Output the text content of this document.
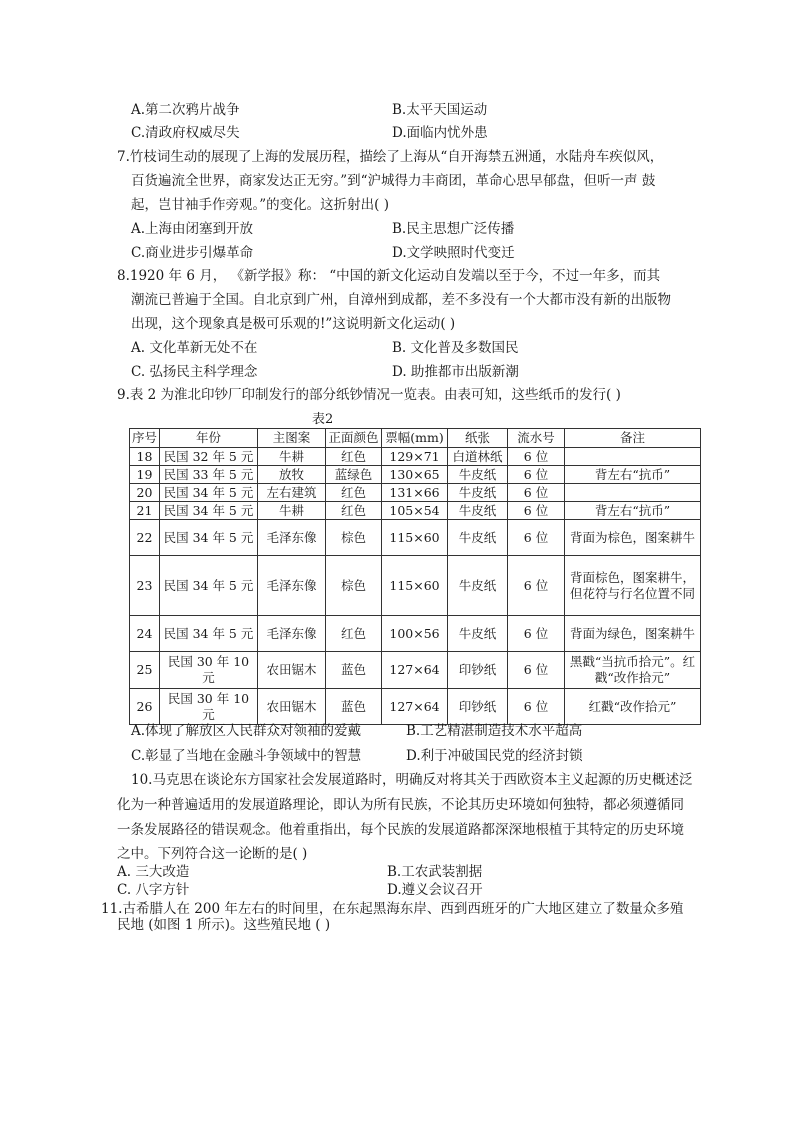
A.第二次鸦片战争	B.太平天国运动
C.清政府权威尽失	D.面临内忧外患
7.竹枝词生动的展现了上海的发展历程，描绘了上海从“自开海禁五洲通，水陆舟车疾似风，
百货遍流全世界，商家发达正无穷。”到“沪城得力丰商团，革命心思早郁盘，但听一声 鼓
起，岂甘袖手作旁观。”的变化。这折射出( )
A.上海由闭塞到开放	B.民主思想广泛传播
C.商业进步引爆革命	D.文学映照时代变迁
8.1920 年 6 月， 《新学报》称： “中国的新文化运动自发端以至于今，不过一年多，而其
潮流已普遍于全国。自北京到广州，自漳州到成都，差不多没有一个大都市没有新的出版物
出现，这个现象真是极可乐观的!”这说明新文化运动( )
A. 文化革新无处不在	B. 文化普及多数国民
C. 弘扬民主科学理念	D. 助推都市出版新潮
9.表 2 为淮北印钞厂印制发行的部分纸钞情况一览表。由表可知，这些纸币的发行( )
表2
序号	年份	主图案	正面颜色	票幅(mm)	纸张	流水号	备注
18	民国 32 年 5 元	牛耕	红色	129×71	白道林纸	6 位	
19	民国 33 年 5 元	放牧	蓝绿色	130×65	牛皮纸	6 位	背左右“抗币”
20	民国 34 年 5 元	左右建筑	红色	131×66	牛皮纸	6 位	
21	民国 34 年 5 元	牛耕	红色	105×54	牛皮纸	6 位	背左右“抗币”
22	民国 34 年 5 元	毛泽东像	棕色	115×60	牛皮纸	6 位	背面为棕色，图案耕牛
23	民国 34 年 5 元	毛泽东像	棕色	115×60	牛皮纸	6 位	背面棕色，图案耕牛，但花符与行名位置不同
24	民国 34 年 5 元	毛泽东像	红色	100×56	牛皮纸	6 位	背面为绿色，图案耕牛
25	民国 30 年 10 元	农田锯木	蓝色	127×64	印钞纸	6 位	黑戳“当抗币拾元”。红戳“改作拾元”
26	民国 30 年 10 元	农田锯木	蓝色	127×64	印钞纸	6 位	红戳“改作拾元”
A.体现了解放区人民群众对领袖的爱戴	B.工艺精湛制造技术水平超高
C.彰显了当地在金融斗争领域中的智慧	D.利于冲破国民党的经济封锁
10.马克思在谈论东方国家社会发展道路时，明确反对将其关于西欧资本主义起源的历史概述泛
化为一种普遍适用的发展道路理论，即认为所有民族，不论其历史环境如何独特，都必须遵循同
一条发展路径的错误观念。他着重指出，每个民族的发展道路都深深地根植于其特定的历史环境
之中。下列符合这一论断的是( )
A. 三大改造	B.工农武装割据
C. 八字方针	D.遵义会议召开
11.古希腊人在 200 年左右的时间里，在东起黑海东岸、西到西班牙的广大地区建立了数量众多殖
民地 (如图 1 所示)。这些殖民地 ( )
